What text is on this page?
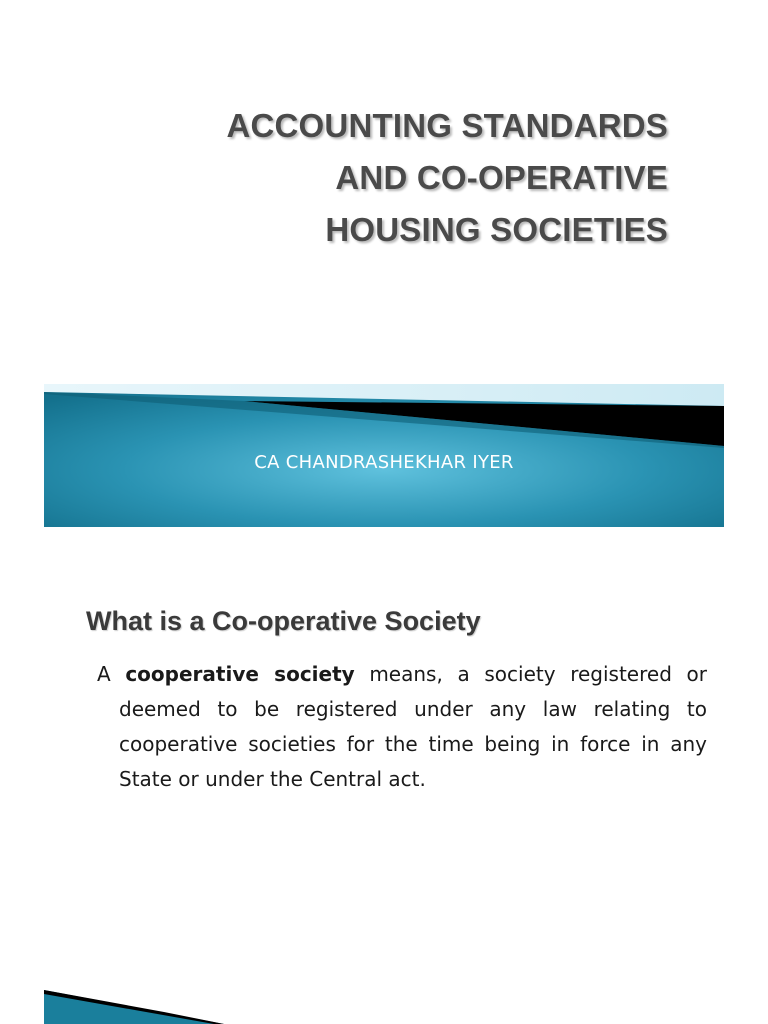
ACCOUNTING STANDARDS
AND CO-OPERATIVE
HOUSING SOCIETIES
CA CHANDRASHEKHAR IYER
What is a Co-operative Society

A cooperative society means, a society registered or deemed to be registered under any law relating to cooperative societies for the time being in force in any State or under the Central act.
